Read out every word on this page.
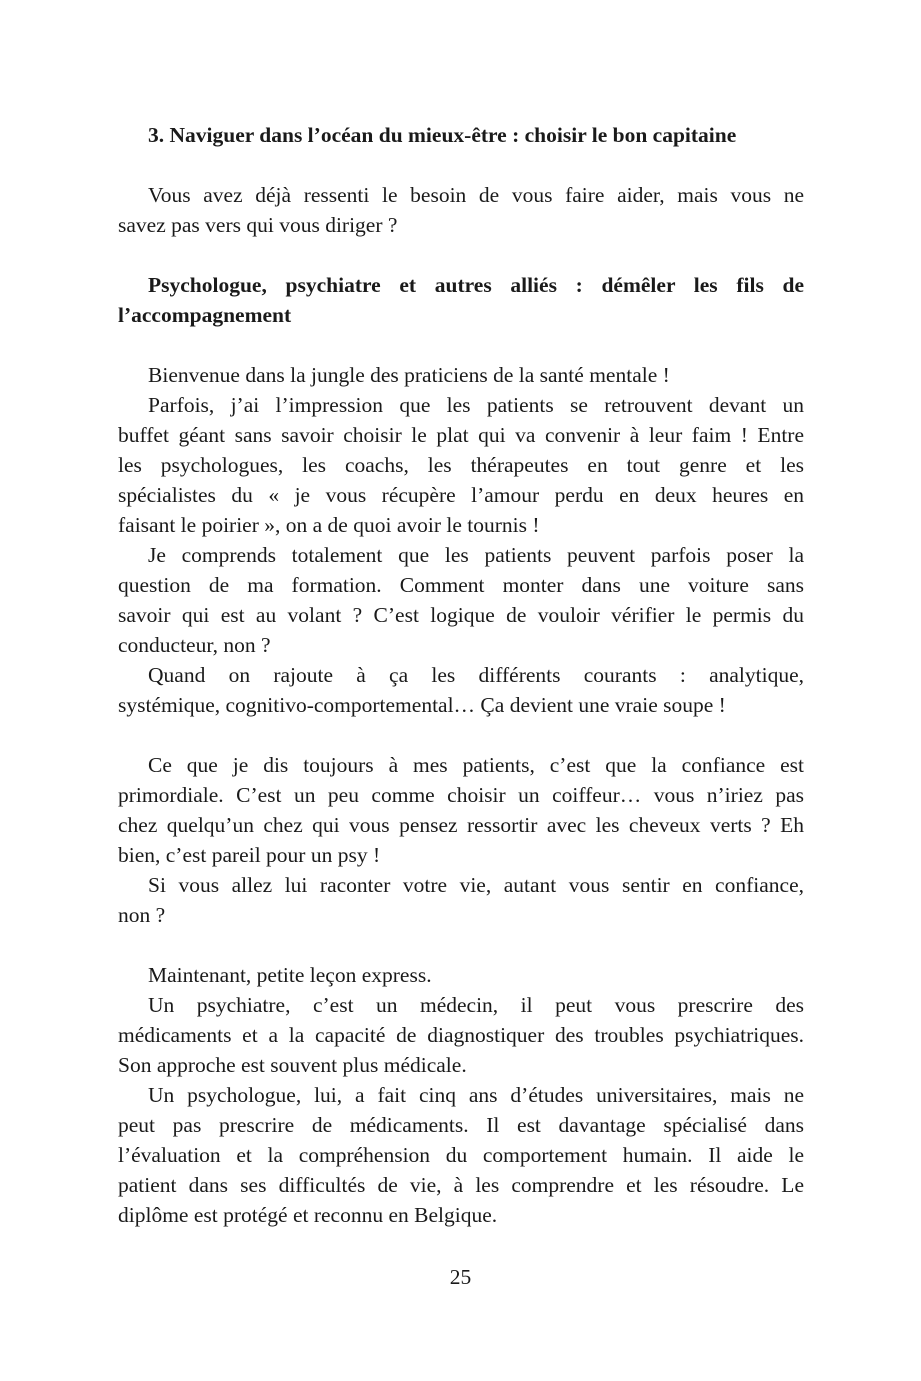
3. Naviguer dans l’océan du mieux-être : choisir le bon capitaine
Vous avez déjà ressenti le besoin de vous faire aider, mais vous ne
savez pas vers qui vous diriger ?
Psychologue, psychiatre et autres alliés : démêler les fils de
l’accompagnement
Bienvenue dans la jungle des praticiens de la santé mentale !
Parfois, j’ai l’impression que les patients se retrouvent devant un
buffet géant sans savoir choisir le plat qui va convenir à leur faim ! Entre
les psychologues, les coachs, les thérapeutes en tout genre et les
spécialistes du « je vous récupère l’amour perdu en deux heures en
faisant le poirier », on a de quoi avoir le tournis !
Je comprends totalement que les patients peuvent parfois poser la
question de ma formation. Comment monter dans une voiture sans
savoir qui est au volant ? C’est logique de vouloir vérifier le permis du
conducteur, non ?
Quand on rajoute à ça les différents courants : analytique,
systémique, cognitivo-comportemental… Ça devient une vraie soupe !
Ce que je dis toujours à mes patients, c’est que la confiance est
primordiale. C’est un peu comme choisir un coiffeur… vous n’iriez pas
chez quelqu’un chez qui vous pensez ressortir avec les cheveux verts ? Eh
bien, c’est pareil pour un psy !
Si vous allez lui raconter votre vie, autant vous sentir en confiance,
non ?
Maintenant, petite leçon express.
Un psychiatre, c’est un médecin, il peut vous prescrire des
médicaments et a la capacité de diagnostiquer des troubles psychiatriques.
Son approche est souvent plus médicale.
Un psychologue, lui, a fait cinq ans d’études universitaires, mais ne
peut pas prescrire de médicaments. Il est davantage spécialisé dans
l’évaluation et la compréhension du comportement humain. Il aide le
patient dans ses difficultés de vie, à les comprendre et les résoudre. Le
diplôme est protégé et reconnu en Belgique.
25
